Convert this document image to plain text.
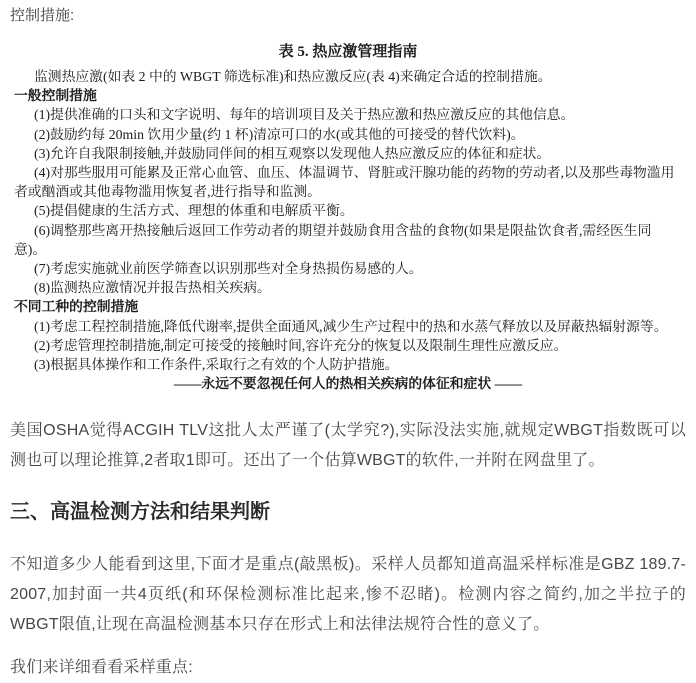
控制措施:

表 5. 热应激管理指南

监测热应激(如表 2 中的 WBGT 筛选标准)和热应激反应(表 4)来确定合适的控制措施。

一般控制措施

(1)提供准确的口头和文字说明、每年的培训项目及关于热应激和热应激反应的其他信息。

(2)鼓励约每 20min 饮用少量(约 1 杯)清凉可口的水(或其他的可接受的替代饮料)。

(3)允许自我限制接触,并鼓励同伴间的相互观察以发现他人热应激反应的体征和症状。

(4)对那些服用可能累及正常心血管、血压、体温调节、肾脏或汗腺功能的药物的劳动者,以及那些毒物滥用者或酗酒或其他毒物滥用恢复者,进行指导和监测。

(5)提倡健康的生活方式、理想的体重和电解质平衡。

(6)调整那些离开热接触后返回工作劳动者的期望并鼓励食用含盐的食物(如果是限盐饮食者,需经医生同意)。

(7)考虑实施就业前医学筛查以识别那些对全身热损伤易感的人。

(8)监测热应激情况并报告热相关疾病。

不同工种的控制措施

(1)考虑工程控制措施,降低代谢率,提供全面通风,减少生产过程中的热和水蒸气释放以及屏蔽热辐射源等。

(2)考虑管理控制措施,制定可接受的接触时间,容许充分的恢复以及限制生理性应激反应。

(3)根据具体操作和工作条件,采取行之有效的个人防护措施。

——永远不要忽视任何人的热相关疾病的体征和症状 ——

美国OSHA觉得ACGIH TLV这批人太严谨了(太学究?),实际没法实施,就规定WBGT指数既可以测也可以理论推算,2者取1即可。还出了一个估算WBGT的软件,一并附在网盘里了。

三、高温检测方法和结果判断

不知道多少人能看到这里,下面才是重点(敲黑板)。采样人员都知道高温采样标准是GBZ 189.7-2007,加封面一共4页纸(和环保检测标准比起来,惨不忍睹)。检测内容之简约,加之半拉子的WBGT限值,让现在高温检测基本只存在形式上和法律法规符合性的意义了。

我们来详细看看采样重点:
